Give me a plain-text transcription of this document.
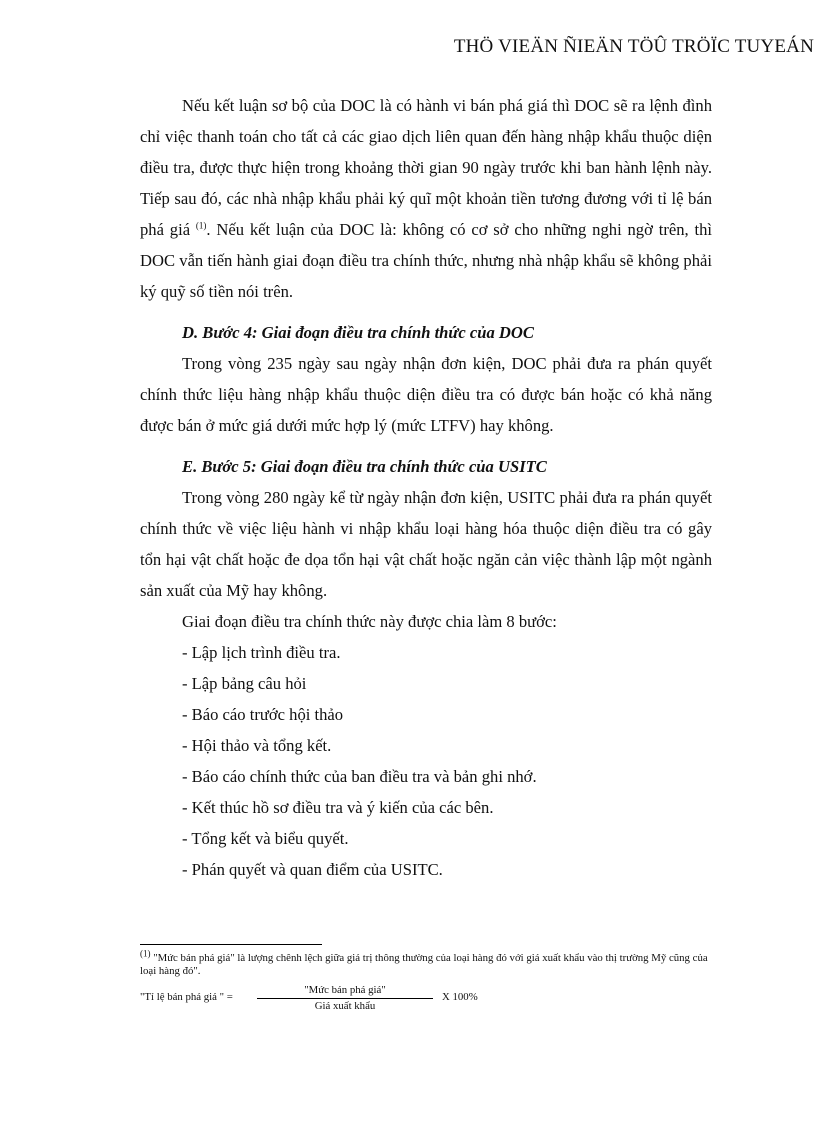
THÖ VIEÄN ÑIEÄN TÖÛ TRÖÏC TUYEÁN

Nếu kết luận sơ bộ của DOC là có hành vi bán phá giá thì DOC sẽ ra lệnh đình chỉ việc thanh toán cho tất cả các giao dịch liên quan đến hàng nhập khẩu thuộc diện điều tra, được thực hiện trong khoảng thời gian 90 ngày trước khi ban hành lệnh này. Tiếp sau đó, các nhà nhập khẩu phải ký quĩ một khoản tiền tương đương với tỉ lệ bán phá giá $^{(1)}$. Nếu kết luận của DOC là: không có cơ sở cho những nghi ngờ trên, thì DOC vẫn tiến hành giai đoạn điều tra chính thức, nhưng nhà nhập khẩu sẽ không phải ký quỹ số tiền nói trên.

D. Bước 4: Giai đoạn điều tra chính thức của DOC

Trong vòng 235 ngày sau ngày nhận đơn kiện, DOC phải đưa ra phán quyết chính thức liệu hàng nhập khẩu thuộc diện điều tra có được bán hoặc có khả năng được bán ở mức giá dưới mức hợp lý (mức LTFV) hay không.

E. Bước 5: Giai đoạn điều tra chính thức của USITC

Trong vòng 280 ngày kể từ ngày nhận đơn kiện, USITC phải đưa ra phán quyết chính thức về việc liệu hành vi nhập khẩu loại hàng hóa thuộc diện điều tra có gây tổn hại vật chất hoặc đe dọa tổn hại vật chất hoặc ngăn cản việc thành lập một ngành sản xuất của Mỹ hay không.

Giai đoạn điều tra chính thức này được chia làm 8 bước:

- Lập lịch trình điều tra.
- Lập bảng câu hỏi
- Báo cáo trước hội thảo
- Hội thảo và tổng kết.
- Báo cáo chính thức của ban điều tra và bản ghi nhớ.
- Kết thúc hồ sơ điều tra và ý kiến của các bên.
- Tổng kết và biểu quyết.
- Phán quyết và quan điểm của USITC.
$^{(1)}$ "Mức bán phá giá" là lượng chênh lệch giữa giá trị thông thường của loại hàng đó với giá xuất khẩu vào thị trường Mỹ cũng của loại hàng đó".
"Tỉ lệ bán phá giá " =
"Mức bán phá giá"
Giá xuất khẩu
X 100%
